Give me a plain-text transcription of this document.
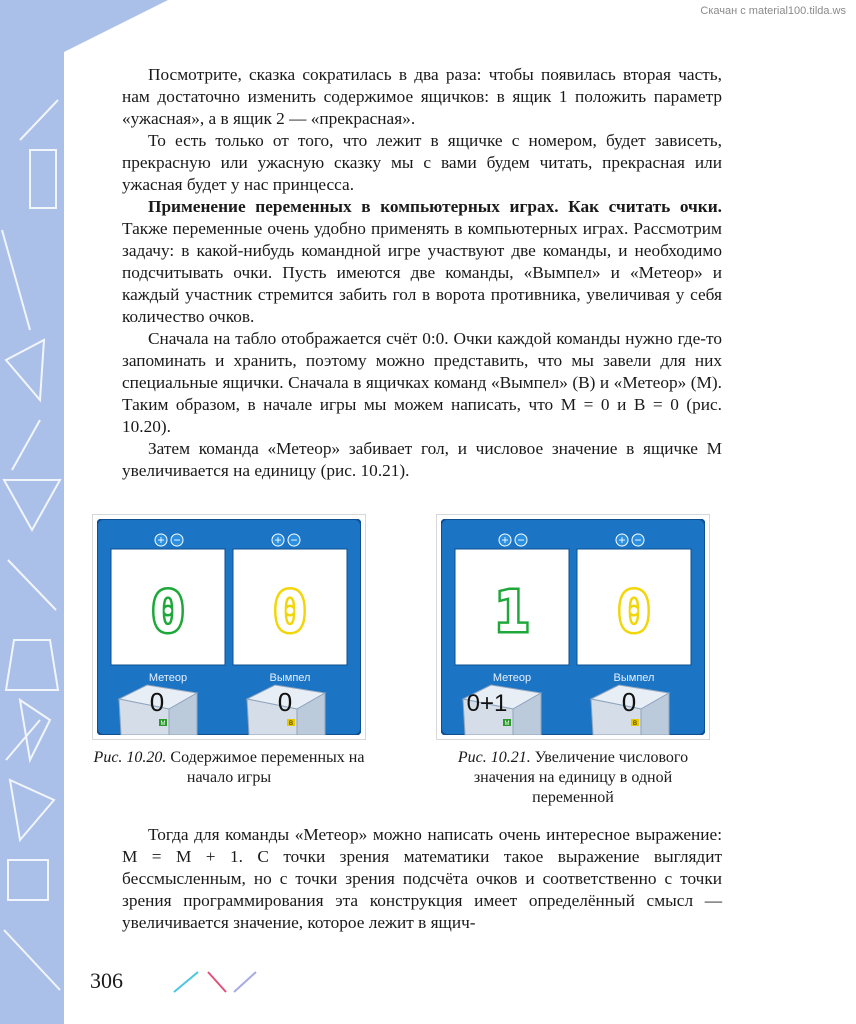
Скачан с material100.tilda.ws

Посмотрите, сказка сократилась в два раза: чтобы появилась вторая часть, нам достаточно изменить содержимое ящичков: в ящик 1 положить параметр «ужасная», а в ящик 2 — «прекрасная».

То есть только от того, что лежит в ящичке с номером, будет зависеть, прекрасную или ужасную сказку мы с вами будем читать, прекрасная или ужасная будет у нас принцесса.

Применение переменных в компьютерных играх. Как считать очки. Также переменные очень удобно применять в компьютерных играх. Рассмотрим задачу: в какой-нибудь командной игре участвуют две команды, и необходимо подсчитывать очки. Пусть имеются две команды, «Вымпел» и «Метеор» и каждый участник стремится забить гол в ворота противника, увеличивая у себя количество очков.

Сначала на табло отображается счёт 0:0. Очки каждой команды нужно где-то запоминать и хранить, поэтому можно представить, что мы завели для них специальные ящички. Сначала в ящичках команд «Вымпел» (В) и «Метеор» (М). Таким образом, в начале игры мы можем написать, что М = 0 и В = 0 (рис. 10.20).

Затем команда «Метеор» забивает гол, и числовое значение в ящичке М увеличивается на единицу (рис. 10.21).

+ −	+ −
0 0
Метеор	Вымпел
0	0
M	B
Рис. 10.20. Содержимое переменных на начало игры
+ −	+ −
1 0
Метеор	Вымпел
0+1	0
M	B
Рис. 10.21. Увеличение числового значения на единицу в одной переменной

Тогда для команды «Метеор» можно написать очень интересное выражение: М = М + 1. С точки зрения математики такое выражение выглядит бессмысленным, но с точки зрения подсчёта очков и соответственно с точки зрения программирования эта конструкция имеет определённый смысл — увеличивается значение, которое лежит в ящич-

306
